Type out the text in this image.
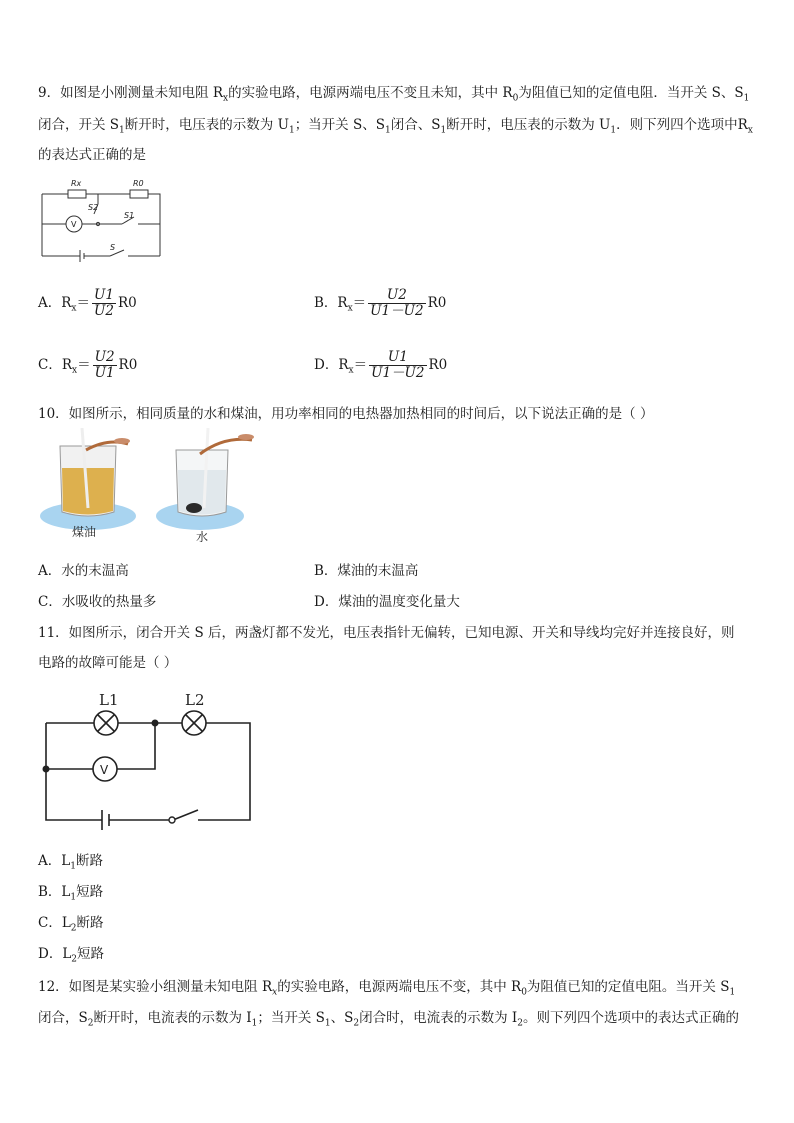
9．如图是小刚测量未知电阻 $R_x$的实验电路，电源两端电压不变且未知，其中 $R_0$为阻值已知的定值电阻．当开关 S、$S_1$
闭合，开关 $S_1$断开时，电压表的示数为 $U_1$；当开关 S、$S_1$闭合、$S_1$断开时，电压表的示数为 $U_1$．则下列四个选项中$R_x$
的表达式正确的是
Rx	R0
S2
S1
S
V
A．$R_x= \frac{U1}{U2} R0$	B．$R_x= \frac{U2}{U1-U2} R0$
C．$R_x= \frac{U2}{U1} R0$	D．$R_x= \frac{U1}{U1-U2} R0$
10．如图所示，相同质量的水和煤油，用功率相同的电热器加热相同的时间后，以下说法正确的是（ ）
煤油	水
A．水的末温高	B．煤油的末温高
C．水吸收的热量多	D．煤油的温度变化量大
11．如图所示，闭合开关 S 后，两盏灯都不发光，电压表指针无偏转，已知电源、开关和导线均完好并连接良好，则
电路的故障可能是（ ）
L1	L2
V
A．$L_1$断路
B．$L_1$短路
C．$L_2$断路
D．$L_2$短路
12．如图是某实验小组测量未知电阻 $R_x$的实验电路，电源两端电压不变，其中 $R_0$为阻值已知的定值电阻。当开关 $S_1$
闭合，$S_2$断开时，电流表的示数为 $I_1$；当开关 $S_1$、$S_2$闭合时，电流表的示数为 $I_2$。则下列四个选项中的表达式正确的
